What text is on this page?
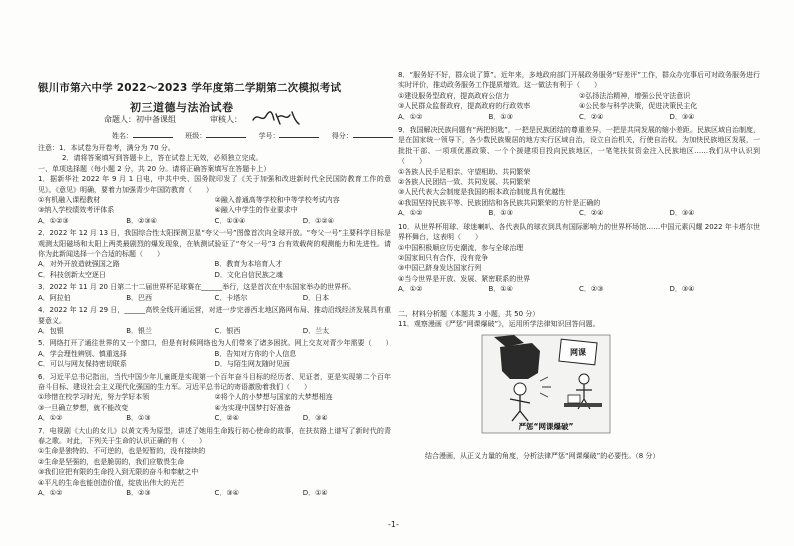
银川市第六中学 2022～2023 学年度第二学期第二次模拟考试
初三道德与法治试卷
命题人：初中备课组	审核人：
姓名：	班级：	学号：	得分：
注意：1．本试卷为开卷考，满分为 70 分。
2．请将答案填写到答题卡上，答在试卷上无效，必须独立完成。
一、单项选择题（每小题 2 分，共 20 分。请将正确答案填写在答题卡上）
1．据新华社 2022 年 9 月 1 日电，中共中央、国务院印发了《关于加强和改进新时代全民国防教育工作的意见》。《意见》明确，要着力加强青少年国防教育（　　）
①有机融入课程教材	②融入普通高等学校和中等学校考试内容
③纳入学校绩效考评体系	④融入中学生的作业要求中
A．①②③	B．②③④	C．①③④	D．①②④
2．2022 年 12 月 13 日，我国综合性太阳探测卫星“夸父一号”图像首次向全球开放。“夸父一号”主要科学目标是观测太阳磁场和太阳上两类最剧烈的爆发现象，在轨测试验证了“夸父一号”3 台有效载荷的观测能力和先进性。请你为此新闻选择一个合适的标题（　　）
A．对外开放造就强国之路	B．教育为本培育人才
C．科技创新太空逐日	D．文化自信民族之魂
3．2022 年 11 月 20 日第二十二届世界杯足球赛在______举行，这是首次在中东国家举办的世界杯。
A．阿拉伯	B．巴西	C．卡塔尔	D．日本
4．2022 年 12 月 29 日，______高铁全线开通运营，对进一步完善西北地区路网布局、推动沿线经济发展具有重要意义。
A．包银	B．银兰	C．银西	D．兰太
5．网络打开了通往世界的又一个窗口，但是有时候网络也为人们带来了诸多困扰。网上交友对青少年需要（　　）
A．学会理性辨别、慎重选择	B．告知对方你的个人信息
C．可以与网友保持密切联系	D．与陌生网友随时见面
6．习近平总书记指出，当代中国少年儿童既是实现第一个百年奋斗目标的经历者、见证者，更是实现第二个百年奋斗目标、建设社会主义现代化强国的生力军。习近平总书记的寄语激励着我们（　　）
①珍惜在校学习时光，努力学好本领	②将个人的小梦想与国家的大梦想相连
③一旦确立梦想，就不能改变	④为实现中国梦打好准备
A．①②	B．①③	C．②④	D．③④
7．电视剧《大山的女儿》以黄文秀为原型，讲述了她用生命践行初心使命的故事，在扶贫路上谱写了新时代的青春之歌。对此，下列关于生命的认识正确的有（　　）
①生命是独特的、不可逆的，也是短暂的，没有接续的
②生命是坚强的，也是脆弱的，我们应敬畏生命
③我们应把有限的生命投入到无限的奋斗和奉献之中
④平凡的生命也能创造价值，绽放出伟大的光芒
A．①②	B．②③	C．③④	D．①④
8．“服务好不好，群众说了算”。近年来，多地政府部门开展政务服务“好差评”工作，群众办完事后可对政务服务进行实时评价，推动政务服务工作提质增效。这一做法有利于（　　）
①建设服务型政府，提高政府公信力	②弘扬法治精神，增强公民守法意识
③人民群众监督政府，提高政府的行政效率	④公民参与科学决策，促进决策民主化
A．①②	B．①③	C．②④	D．③④
9．我国解决民族问题有“两把钥匙”，一把是民族团结的尊重差异，一把是共同发展的缩小差距。民族区域自治制度，是在国家统一领导下，各少数民族聚居的地方实行区域自治，设立自治机关，行使自治权。为加快民族地区发展，一批批干部、一项项优惠政策、一个个援建项目投向民族地区，一笔笔扶贫资金注入民族地区……我们从中认识到（　　）
①各族人民手足相亲、守望相助、共同繁荣
②各族人民团结一致、共同发展、共同繁荣
③人民代表大会制度是我国的根本政治制度具有优越性
④我国坚持民族平等、民族团结和各民族共同繁荣的方针是正确的
A．①②	B．①③	C．②④	D．③④
10．从世界杯用球、球迷喇叭、各代表队的球衣到具有国际影响力的世界杯场馆……中国元素闪耀 2022 年卡塔尔世界杯舞台，这表明（　　）
①中国积极顺应历史潮流，参与全球治理
②国家间只有合作，没有竞争
③中国已跻身发达国家行列
④当今世界是开放、发展、紧密联系的世界
A．①②	B．①④	C．②③	D．③④
二、材料分析题（本题共 3 小题，共 50 分）
11．观察漫画《严惩“网课爆破”》，运用所学法律知识回答问题。
网课
严惩“网课爆破”
结合漫画，从正义力量的角度，分析法律严惩“网课爆破”的必要性。（8 分）
-1-
